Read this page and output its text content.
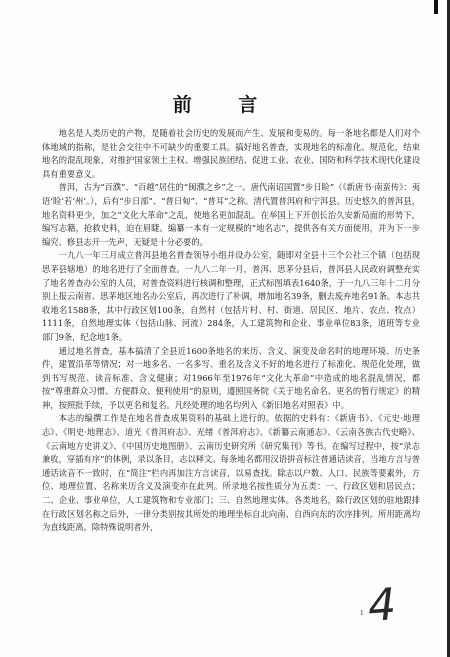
前 言

地名是人类历史的产物，是随着社会历史的发展而产生、发展和变易的。每一条地名都是人们对个体地域的指称，是社会交往中不可缺少的重要工具。搞好地名普查，实现地名的标准化、规范化，结束地名的混乱现象，对维护国家领土主权、增强民族团结、促进工业、农业、国防和科学技术现代化建设具有重要意义。

普洱，古为“百濮”、“百越”居住的“闽濮之乡”之一。唐代南诏国置“步日睑”（《新唐书·南蛮传》：夷语‘睑’若‘州’。），后有“步日部”、“普日甸”、“普耳”之称。清代置普洱府和宁洱县。历史悠久的普洱县，地名资料更少，加之“文化大革命”之乱，使地名更加混乱。在举国上下开创长治久安新局面的形势下，编写志籍，抢救史料，迫在眉睫。编纂一本有一定规模的“地名志”，提供各有关方面使用，并为下一步编究、修县志开一先声，无疑是十分必要的。

一九八一年三月成立普洱县地名普查领导小组并设办公室，随即对全县十三个公社三个镇（包括现思茅县辖地）的地名进行了全面普查。一九八二年一月，普洱、思茅分县后，普洱县人民政府调整充实了地名普查办公室的人员，对普查资料进行核调和整理，正式标图填表1640条，于一九八三年十二月分别上报云南省、思茅地区地名办公室后，再次进行了补调，增加地名39条，删去废弃地名91条。本志共收地名1588条，其中行政区划100条，自然村（包括片村、村、街道、居民区、地片、农点、牧点）1111条，自然地理实体（包括山脉、河流）284条，人工建筑物和企业、事业单位83条，道班等专业部门9条，纪念地1条。

通过地名普查，基本搞清了全县近1600条地名的来历、含义、演变及命名时的地理环境、历史条件，建置沿革等情况；对一地多名、一名多写、重名及含义不好的地名进行了标准化、规范化处理，做到书写规范、读音标准、含义健康；对1966年至1976年“文化大革命”中造成的地名混乱情况，都按“尊重群众习惯、方便群众、便利使用”的原则，遵照国务院《关于地名命名、更名的暂行规定》的精神，按照批手续，予以更名和复名。凡经处理的地名均列入《新旧地名对照表》中。

本志的编撰工作是在地名普查成果资料的基础上进行的。依据的史料有：《新唐书》、《元史·地理志》、《明史·地理志》、道光《普洱府志》、光绪《普洱府志》、《新纂云南通志》、《云南各族古代史略》、《云南地方史讲义》、《中国历史地图册》、云南历史研究所《研究集刊》等书。在编写过程中，按“录志兼收，穿插有序”的体例，录以条目，志以释文。每条地名都用汉语拼音标注普通话读音，当地方言与普通话读音不一致时，在“简注”栏内再加注方言读音，以易查找。除志以户数、人口、民族等要素外，方位、地理位置、名称来历含义及演变亦在此列。所录地名按性质分为五类：一、行政区划和居民点；二、企业、事业单位，人工建筑物和专业部门；三、自然地理实体。各类地名，除行政区划的驻地跟排在行政区划名称之后外，一律分类别按其所处的地理坐标自北向南、自西向东的次序排列。所用距离均为直线距离。除特殊说明者外，

4
1
